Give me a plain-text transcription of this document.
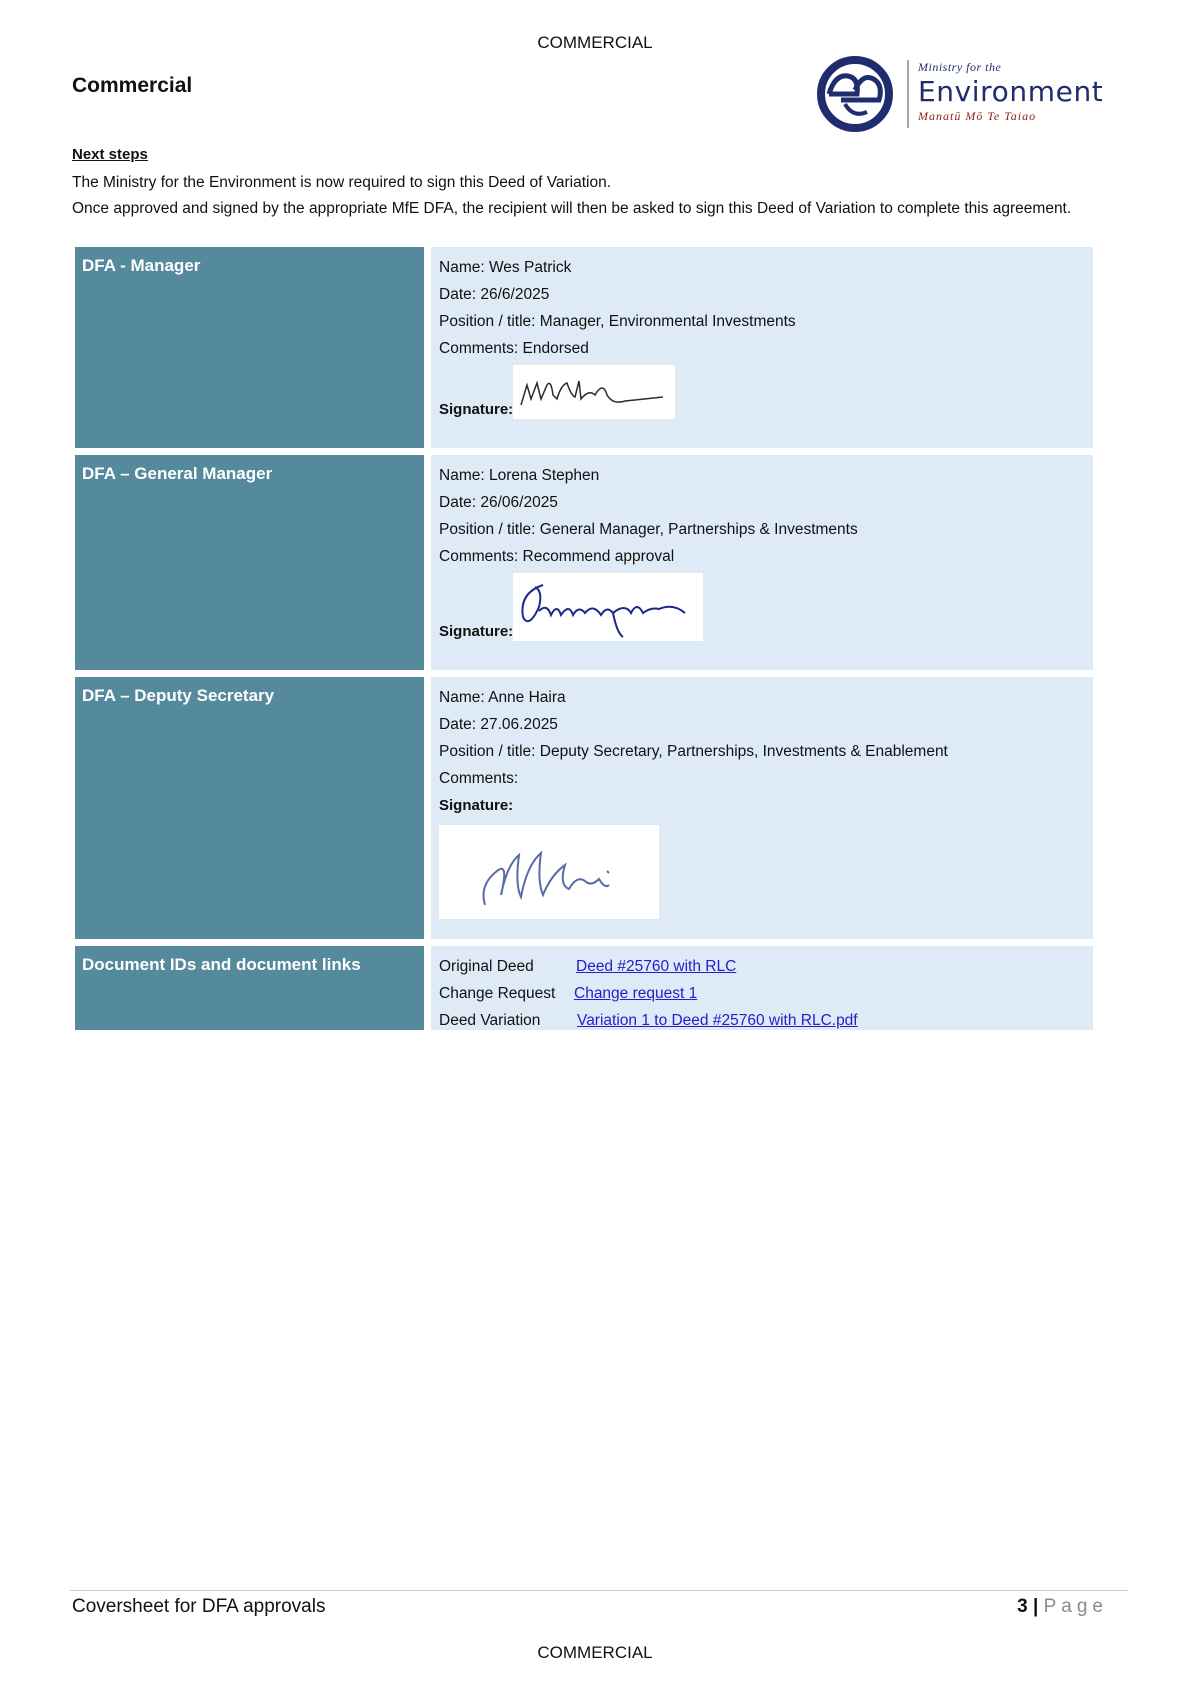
COMMERCIAL
Commercial
Ministry for the
Environment
Manatū Mō Te Taiao
Next steps
The Ministry for the Environment is now required to sign this Deed of Variation.
Once approved and signed by the appropriate MfE DFA, the recipient will then be asked to sign this Deed of Variation to complete this agreement.
DFA - Manager	Name: Wes Patrick
Date: 26/6/2025
Position / title: Manager, Environmental Investments
Comments: Endorsed
Signature:
DFA – General Manager	Name: Lorena Stephen
Date: 26/06/2025
Position / title: General Manager, Partnerships & Investments
Comments: Recommend approval
Signature:
DFA – Deputy Secretary	Name: Anne Haira
Date: 27.06.2025
Position / title: Deputy Secretary, Partnerships, Investments & Enablement
Comments:
Signature:
Document IDs and document links	Original Deed	Deed #25760 with RLC
Change Request	Change request 1
Deed Variation	Variation 1 to Deed #25760 with RLC.pdf
Coversheet for DFA approvals	3 | Page
COMMERCIAL
